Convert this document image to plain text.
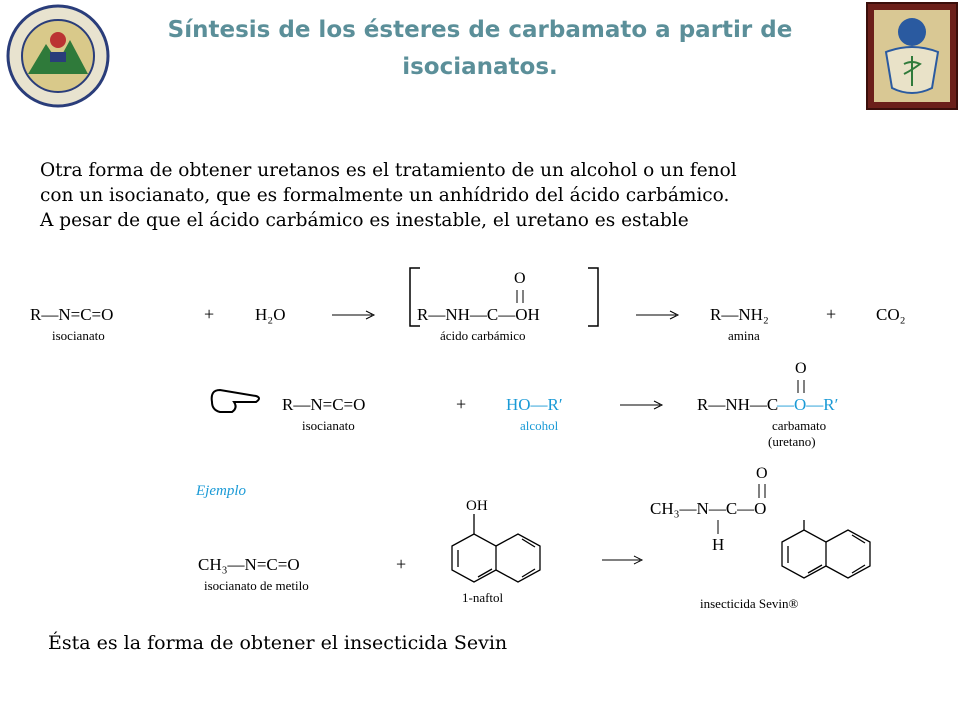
Síntesis de los ésteres de carbamato a partir de isocianatos.

Otra forma de obtener uretanos es el tratamiento de un alcohol o un fenol

con un isocianato, que es formalmente un anhídrido del ácido carbámico.

A pesar de que el ácido carbámico es inestable, el uretano es estable

R—N=C=O
isocianato
+ H₂O	R—NH—C—OH
O
ácido carbámico
R—NH₂
amina
+ CO₂
R—N=C=O
isocianato
+ HO—R′
alcohol
R—NH—C
—O—R′
O
carbamato
(uretano)
Ejemplo
CH₃—N=C=O
isocianato de metilo
+
OH
1-naftol
CH₃—N—C—O
O
H
insecticida Sevin®
Ésta es la forma de obtener el insecticida Sevin
